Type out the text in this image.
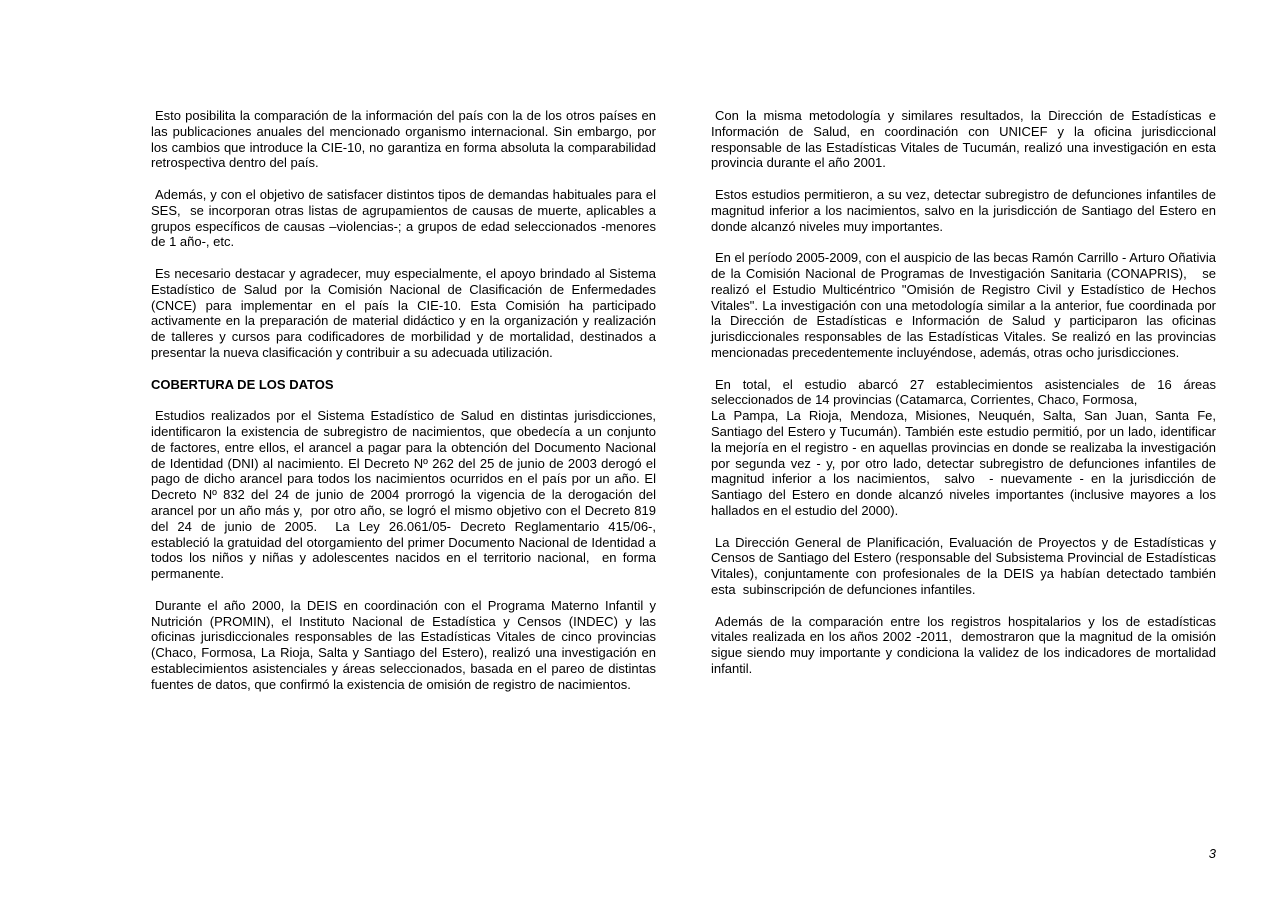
Esto posibilita la comparación de la información del país con la de los otros países en las publicaciones anuales del mencionado organismo internacional. Sin embargo, por los cambios que introduce la CIE-10, no garantiza en forma absoluta la comparabilidad retrospectiva dentro del país.

Además, y con el objetivo de satisfacer distintos tipos de demandas habituales para el SES,  se incorporan otras listas de agrupamientos de causas de muerte, aplicables a grupos específicos de causas –violencias-; a grupos de edad seleccionados -menores de 1 año-, etc.

Es necesario destacar y agradecer, muy especialmente, el apoyo brindado al Sistema Estadístico de Salud por la Comisión Nacional de Clasificación de Enfermedades (CNCE) para implementar en el país la CIE-10. Esta Comisión ha participado activamente en la preparación de material didáctico y en la organización y realización de talleres y cursos para codificadores de morbilidad y de mortalidad, destinados a presentar la nueva clasificación y contribuir a su adecuada utilización.

COBERTURA DE LOS DATOS

Estudios realizados por el Sistema Estadístico de Salud en distintas jurisdicciones, identificaron la existencia de subregistro de nacimientos, que obedecía a un conjunto de factores, entre ellos, el arancel a pagar para la obtención del Documento Nacional de Identidad (DNI) al nacimiento. El Decreto Nº 262 del 25 de junio de 2003 derogó el pago de dicho arancel para todos los nacimientos ocurridos en el país por un año. El Decreto Nº 832 del 24 de junio de 2004 prorrogó la vigencia de la derogación del arancel por un año más y,  por otro año, se logró el mismo objetivo con el Decreto 819 del 24 de junio de 2005.  La Ley 26.061/05- Decreto Reglamentario 415/06-,   estableció la gratuidad del otorgamiento del primer Documento Nacional de Identidad a todos los niños y niñas y adolescentes nacidos en el territorio nacional,  en forma permanente.

Durante el año 2000, la DEIS en coordinación con el Programa Materno Infantil y Nutrición (PROMIN), el Instituto Nacional de Estadística y Censos (INDEC) y las oficinas jurisdiccionales responsables de las Estadísticas Vitales de cinco provincias (Chaco, Formosa, La Rioja, Salta y Santiago del Estero), realizó una investigación en establecimientos asistenciales y áreas seleccionados, basada en el pareo de distintas fuentes de datos, que confirmó la existencia de omisión de registro de nacimientos.

Con la misma metodología y similares resultados, la Dirección de Estadísticas e Información de Salud, en coordinación con UNICEF y la oficina jurisdiccional responsable de las Estadísticas Vitales de Tucumán, realizó una investigación en esta provincia durante el año 2001.

Estos estudios permitieron, a su vez, detectar subregistro de defunciones infantiles de magnitud inferior a los nacimientos, salvo en la jurisdicción de Santiago del Estero en donde alcanzó niveles muy importantes.

En el período 2005-2009, con el auspicio de las becas Ramón Carrillo - Arturo Oñativia de la Comisión Nacional de Programas de Investigación Sanitaria (CONAPRIS),   se realizó el Estudio Multicéntrico "Omisión de Registro Civil y Estadístico de Hechos Vitales". La investigación con una metodología similar a la anterior, fue coordinada por la Dirección de Estadísticas e Información de Salud y participaron las oficinas  jurisdiccionales responsables de las Estadísticas Vitales. Se realizó en las provincias mencionadas precedentemente incluyéndose, además, otras ocho jurisdicciones.

En total, el estudio abarcó 27 establecimientos asistenciales de 16 áreas seleccionados de 14 provincias (Catamarca, Corrientes, Chaco, Formosa,
La Pampa, La Rioja, Mendoza, Misiones, Neuquén, Salta, San Juan, Santa Fe, Santiago del Estero y Tucumán). También este estudio permitió, por un lado, identificar la mejoría en el registro - en aquellas provincias en donde se realizaba la investigación por segunda vez - y, por otro lado, detectar subregistro de defunciones infantiles de magnitud inferior a los nacimientos,  salvo  - nuevamente - en la jurisdicción de Santiago del Estero en donde alcanzó niveles importantes (inclusive mayores a los hallados en el estudio del 2000).

La Dirección General de Planificación, Evaluación de Proyectos y de Estadísticas y Censos de Santiago del Estero (responsable del Subsistema Provincial de Estadísticas Vitales), conjuntamente con profesionales de la DEIS ya habían detectado también esta  subinscripción de defunciones infantiles.

Además de la comparación entre los registros hospitalarios y los de estadísticas vitales realizada en los años 2002 -2011,  demostraron que la magnitud de la omisión sigue siendo muy importante y condiciona la validez de los indicadores de mortalidad infantil.

3
